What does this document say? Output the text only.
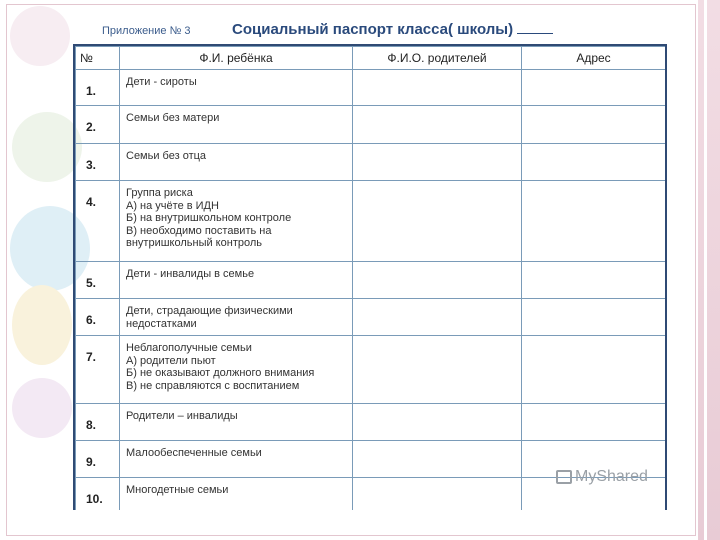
Приложение № 3	Социальный паспорт класса( школы)
№	Ф.И. ребёнка	Ф.И.О. родителей	Адрес
1.	Дети - сироты		

2.	Семьи без матери		

3.	Семьи без отца		

4.	Группа риска
А) на учёте в ИДН
Б) на внутришкольном контроле
В) необходимо поставить на
внутришкольный контроль		

5.	Дети - инвалиды в семье		

6.	Дети, страдающие физическими
недостатками		

7.	Неблагополучные семьи
А) родители пьют
Б) не оказывают должного внимания
В) не справляются с воспитанием		

8.	Родители – инвалиды		

9.	Малообеспеченные семьи		

10.	Многодетные семьи		

MyShared
